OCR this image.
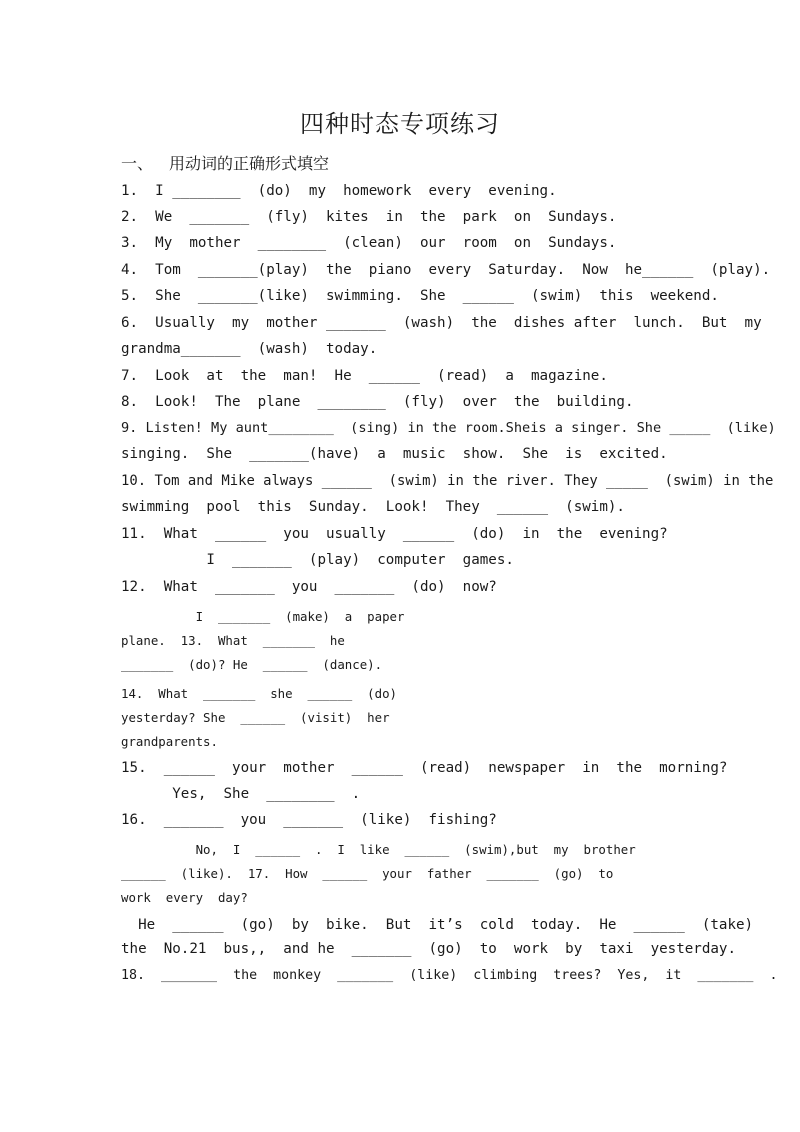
四种时态专项练习
一、 用动词的正确形式填空
1.  I ________  (do)  my  homework  every  evening.
2.  We  _______  (fly)  kites  in  the  park  on  Sundays.
3.  My  mother  ________  (clean)  our  room  on  Sundays.
4.  Tom  _______(play)  the  piano  every  Saturday.  Now  he______  (play).
5.  She  _______(like)  swimming.  She  ______  (swim)  this  weekend.
6.  Usually  my  mother _______  (wash)  the  dishes after  lunch.  But  my
grandma_______  (wash)  today.
7.  Look  at  the  man!  He  ______  (read)  a  magazine.
8.  Look!  The  plane  ________  (fly)  over  the  building.
9. Listen! My aunt________  (sing) in the room.Sheis a singer. She _____  (like)
singing.  She  _______(have)  a  music  show.  She  is  excited.
10. Tom and Mike always ______  (swim) in the river. They _____  (swim) in the
swimming  pool  this  Sunday.  Look!  They  ______  (swim).
11.  What  ______  you  usually  ______  (do)  in  the  evening?
I  _______  (play)  computer  games.
12.  What  _______  you  _______  (do)  now?
I  _______  (make)  a  paper
plane.  13.  What  _______  he
_______  (do)? He  ______  (dance).
14.  What  _______  she  ______  (do)
yesterday? She  ______  (visit)  her
grandparents.
15.  ______  your  mother  ______  (read)  newspaper  in  the  morning?
Yes,  She  ________  .
16.  _______  you  _______  (like)  fishing?
No,  I  ______  .  I  like  ______  (swim),but  my  brother
______  (like).  17.  How  ______  your  father  _______  (go)  to
work  every  day?
He  ______  (go)  by  bike.  But  it’s  cold  today.  He  ______  (take)
the  No.21  bus,,  and he  _______  (go)  to  work  by  taxi  yesterday.
18.  _______  the  monkey  _______  (like)  climbing  trees?  Yes,  it  _______  .
